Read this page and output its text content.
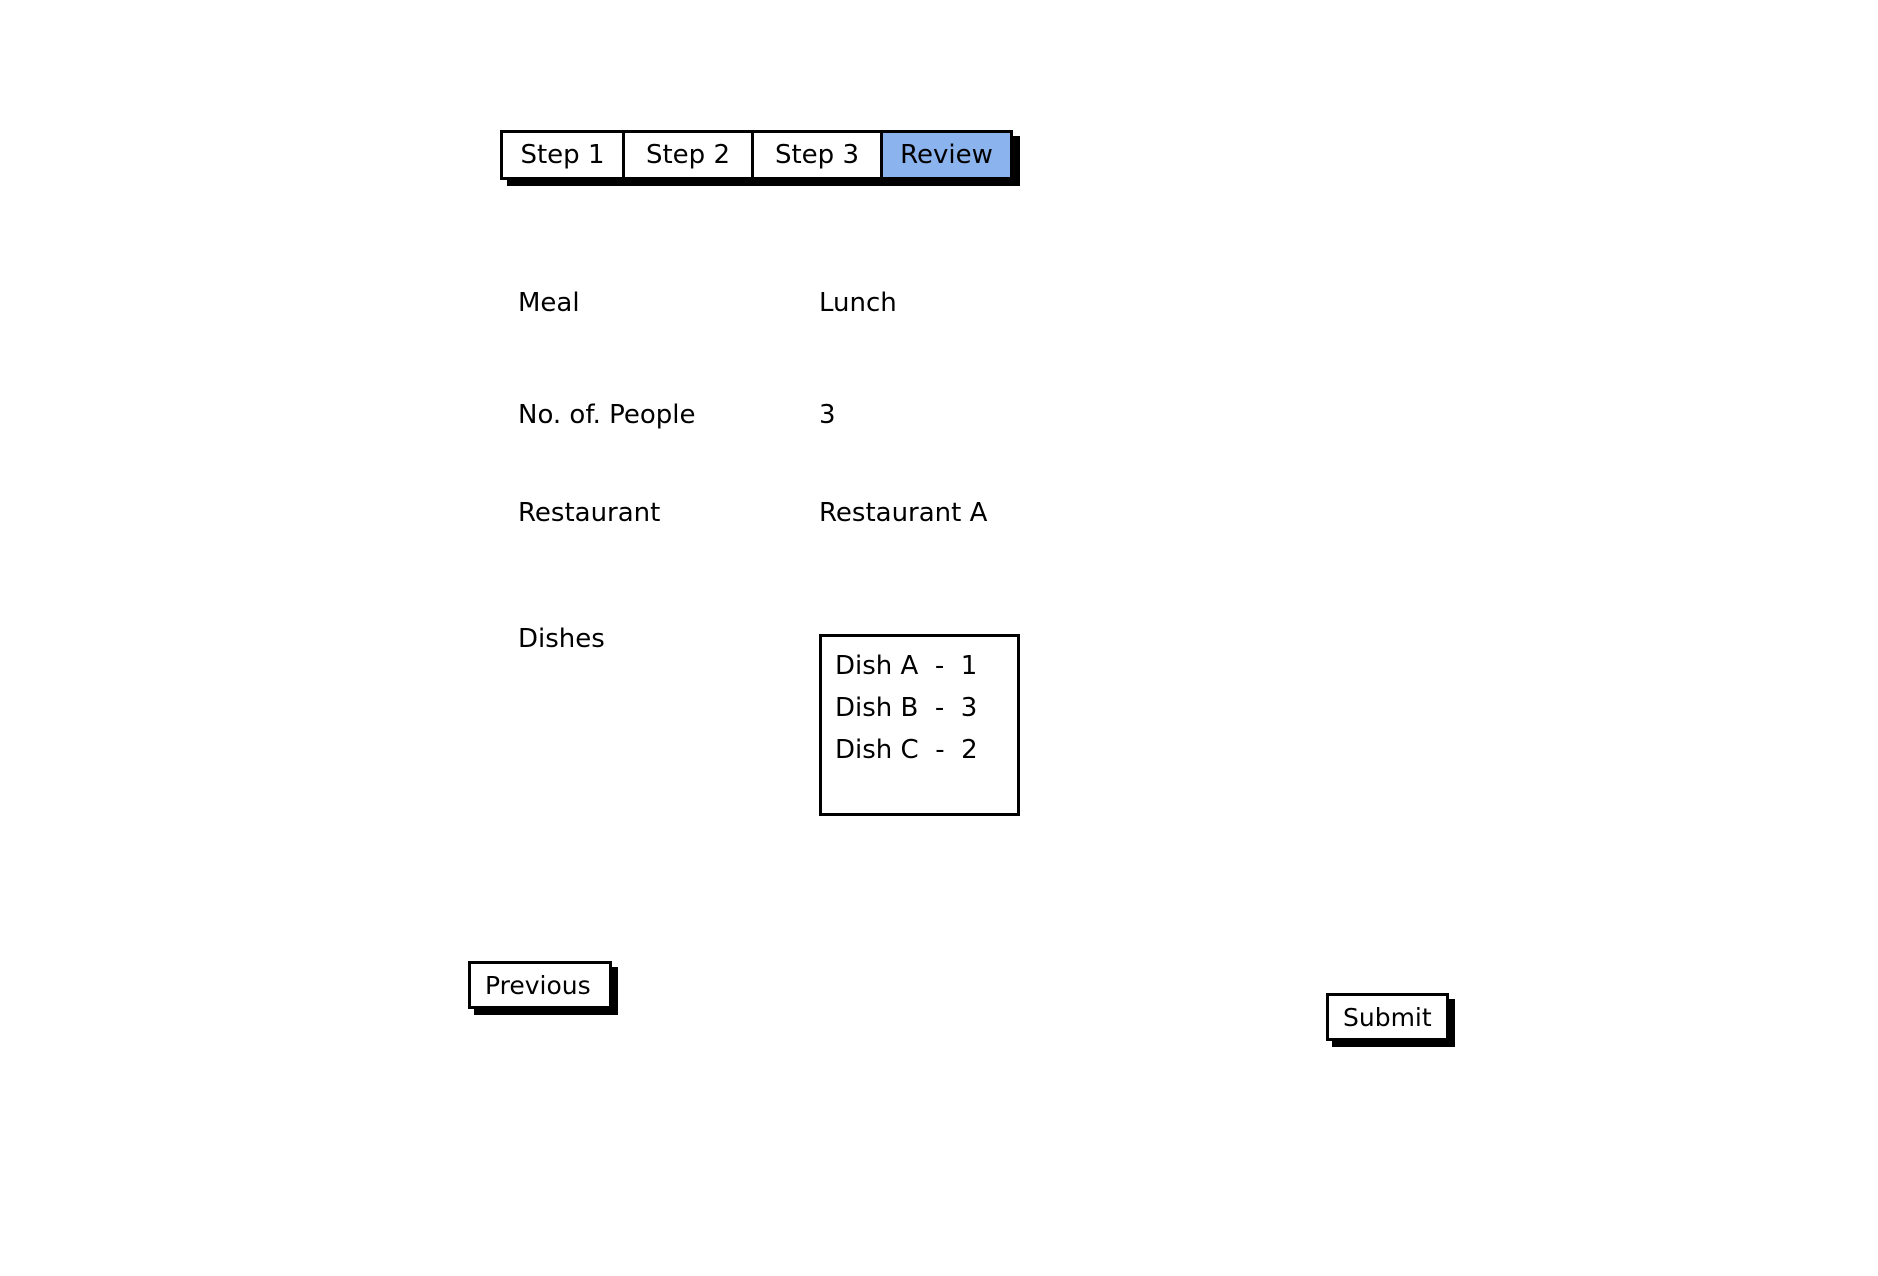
Step 1	Step 2	Step 3	Review
Meal	Lunch
No. of. People	3
Restaurant	Restaurant A
Dishes
Dish A  -  1
Dish B  -  3
Dish C  -  2
Previous
Submit
